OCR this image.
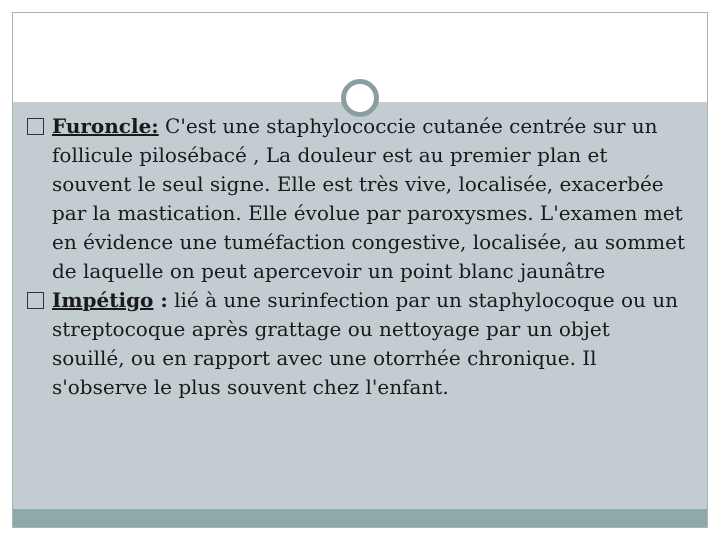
Furoncle: C'est une staphylococcie cutanée centrée sur un follicule pilosébacé , La douleur est au premier plan et souvent le seul signe. Elle est très vive, localisée, exacerbée par la mastication. Elle évolue par paroxysmes. L'examen met en évidence une tuméfaction congestive, localisée, au sommet de laquelle on peut apercevoir un point blanc jaunâtre

Impétigo : lié à une surinfection par un staphylocoque ou un streptocoque après grattage ou nettoyage par un objet souillé, ou en rapport avec une otorrhée chronique. Il s'observe le plus souvent chez l'enfant.
